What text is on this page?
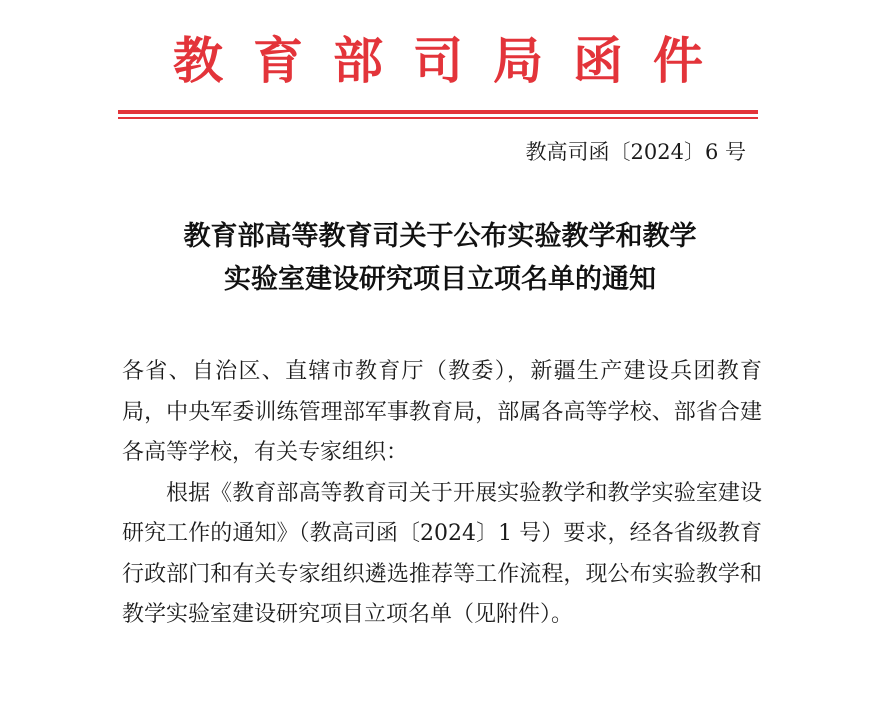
教育部司局函件
教高司函〔2024〕6 号
教育部高等教育司关于公布实验教学和教学
实验室建设研究项目立项名单的通知

各省、自治区、直辖市教育厅（教委），新疆生产建设兵团教育局，中央军委训练管理部军事教育局，部属各高等学校、部省合建各高等学校，有关专家组织：

根据《教育部高等教育司关于开展实验教学和教学实验室建设研究工作的通知》（教高司函〔2024〕1 号）要求，经各省级教育行政部门和有关专家组织遴选推荐等工作流程，现公布实验教学和教学实验室建设研究项目立项名单（见附件）。
